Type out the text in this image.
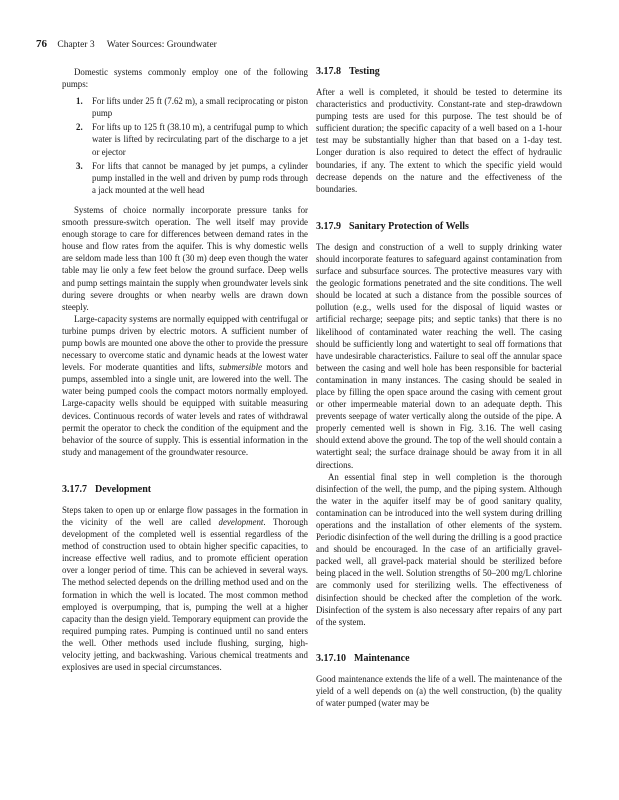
76 Chapter 3 Water Sources: Groundwater

Domestic systems commonly employ one of the following pumps:

1. For lifts under 25 ft (7.62 m), a small reciprocating or piston pump
2. For lifts up to 125 ft (38.10 m), a centrifugal pump to which water is lifted by recirculating part of the discharge to a jet or ejector
3. For lifts that cannot be managed by jet pumps, a cylinder pump installed in the well and driven by pump rods through a jack mounted at the well head

Systems of choice normally incorporate pressure tanks for smooth pressure-switch operation. The well itself may provide enough storage to care for differences between demand rates in the house and flow rates from the aquifer. This is why domestic wells are seldom made less than 100 ft (30 m) deep even though the water table may lie only a few feet below the ground surface. Deep wells and pump settings maintain the supply when groundwater levels sink during severe droughts or when nearby wells are drawn down steeply.

Large-capacity systems are normally equipped with centrifugal or turbine pumps driven by electric motors. A sufficient number of pump bowls are mounted one above the other to provide the pressure necessary to overcome static and dynamic heads at the lowest water levels. For moderate quantities and lifts, submersible motors and pumps, assembled into a single unit, are lowered into the well. The water being pumped cools the compact motors normally employed. Large-capacity wells should be equipped with suitable measuring devices. Continuous records of water levels and rates of withdrawal permit the operator to check the condition of the equipment and the behavior of the source of supply. This is essential information in the study and management of the groundwater resource.

3.17.7 Development

Steps taken to open up or enlarge flow passages in the formation in the vicinity of the well are called development. Thorough development of the completed well is essential regardless of the method of construction used to obtain higher specific capacities, to increase effective well radius, and to promote efficient operation over a longer period of time. This can be achieved in several ways. The method selected depends on the drilling method used and on the formation in which the well is located. The most common method employed is overpumping, that is, pumping the well at a higher capacity than the design yield. Temporary equipment can provide the required pumping rates. Pumping is continued until no sand enters the well. Other methods used include flushing, surging, high-velocity jetting, and backwashing. Various chemical treatments and explosives are used in special circumstances.

3.17.8 Testing

After a well is completed, it should be tested to determine its characteristics and productivity. Constant-rate and step-drawdown pumping tests are used for this purpose. The test should be of sufficient duration; the specific capacity of a well based on a 1-hour test may be substantially higher than that based on a 1-day test. Longer duration is also required to detect the effect of hydraulic boundaries, if any. The extent to which the specific yield would decrease depends on the nature and the effectiveness of the boundaries.

3.17.9 Sanitary Protection of Wells

The design and construction of a well to supply drinking water should incorporate features to safeguard against contamination from surface and subsurface sources. The protective measures vary with the geologic formations penetrated and the site conditions. The well should be located at such a distance from the possible sources of pollution (e.g., wells used for the disposal of liquid wastes or artificial recharge; seepage pits; and septic tanks) that there is no likelihood of contaminated water reaching the well. The casing should be sufficiently long and watertight to seal off formations that have undesirable characteristics. Failure to seal off the annular space between the casing and well hole has been responsible for bacterial contamination in many instances. The casing should be sealed in place by filling the open space around the casing with cement grout or other impermeable material down to an adequate depth. This prevents seepage of water vertically along the outside of the pipe. A properly cemented well is shown in Fig. 3.16. The well casing should extend above the ground. The top of the well should contain a watertight seal; the surface drainage should be away from it in all directions.

An essential final step in well completion is the thorough disinfection of the well, the pump, and the piping system. Although the water in the aquifer itself may be of good sanitary quality, contamination can be introduced into the well system during drilling operations and the installation of other elements of the system. Periodic disinfection of the well during the drilling is a good practice and should be encouraged. In the case of an artificially gravel-packed well, all gravel-pack material should be sterilized before being placed in the well. Solution strengths of 50–200 mg/L chlorine are commonly used for sterilizing wells. The effectiveness of disinfection should be checked after the completion of the work. Disinfection of the system is also necessary after repairs of any part of the system.

3.17.10 Maintenance

Good maintenance extends the life of a well. The maintenance of the yield of a well depends on (a) the well construction, (b) the quality of water pumped (water may be
